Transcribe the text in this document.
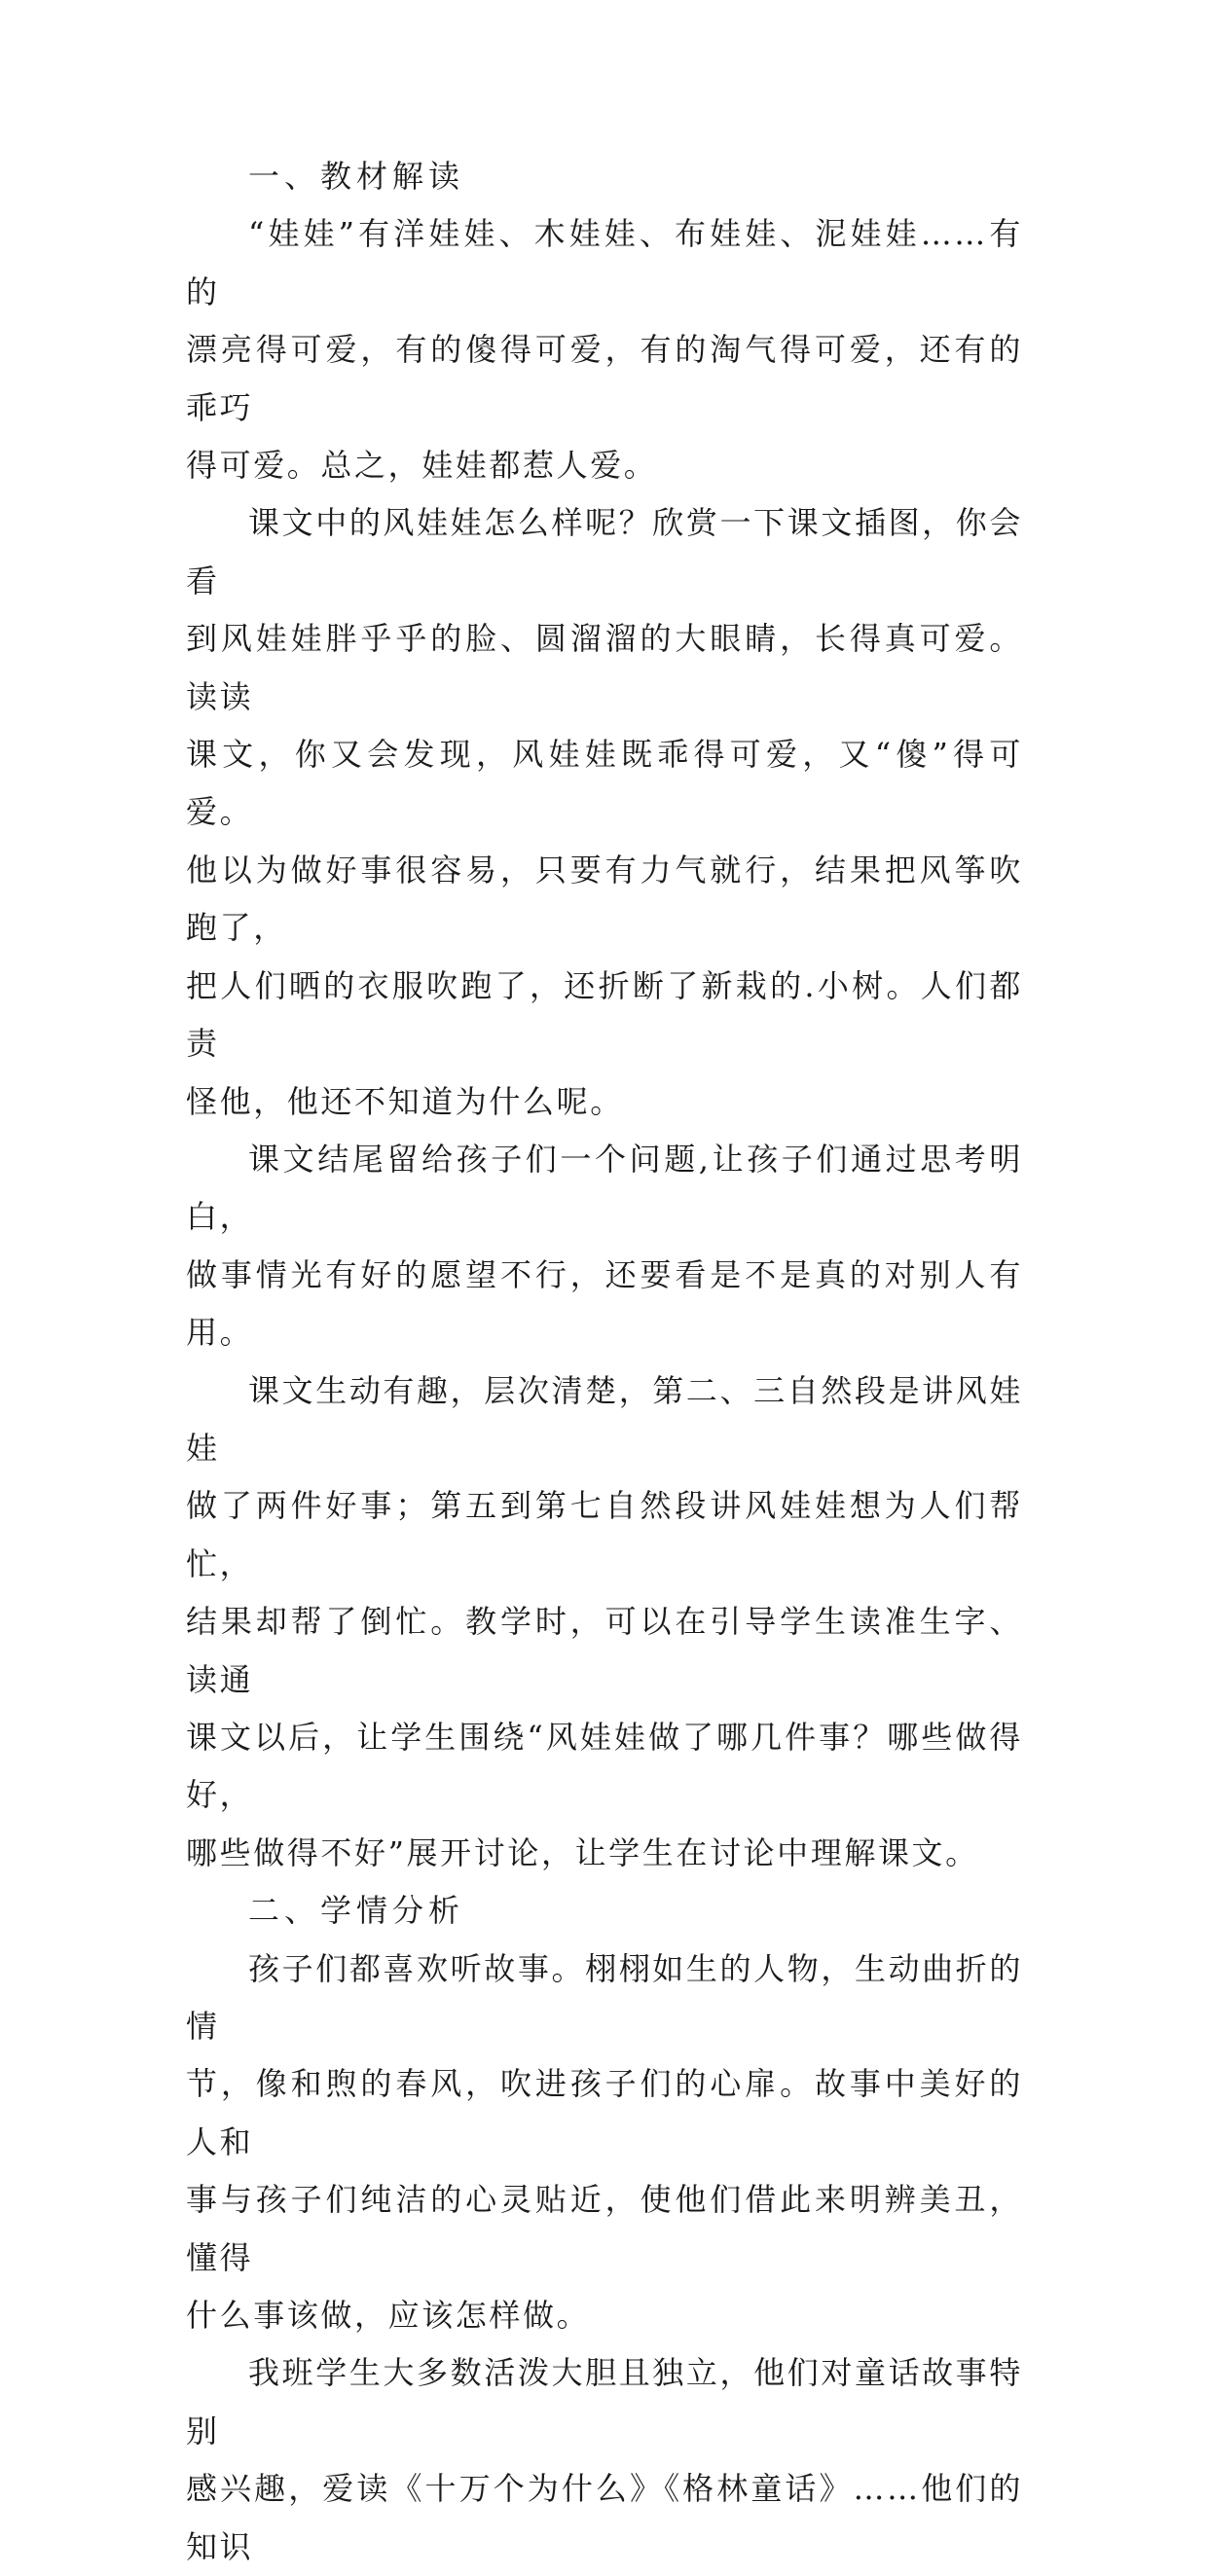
一、教材解读

“娃娃”有洋娃娃、木娃娃、布娃娃、泥娃娃……有的
漂亮得可爱，有的傻得可爱，有的淘气得可爱，还有的乖巧
得可爱。总之，娃娃都惹人爱。

课文中的风娃娃怎么样呢？欣赏一下课文插图，你会看
到风娃娃胖乎乎的脸、圆溜溜的大眼睛，长得真可爱。读读
课文，你又会发现，风娃娃既乖得可爱，又“傻”得可爱。
他以为做好事很容易，只要有力气就行，结果把风筝吹跑了，
把人们晒的衣服吹跑了，还折断了新栽的.小树。人们都责
怪他，他还不知道为什么呢。

课文结尾留给孩子们一个问题,让孩子们通过思考明白，
做事情光有好的愿望不行，还要看是不是真的对别人有用。

课文生动有趣，层次清楚，第二、三自然段是讲风娃娃
做了两件好事；第五到第七自然段讲风娃娃想为人们帮忙，
结果却帮了倒忙。教学时，可以在引导学生读准生字、读通
课文以后，让学生围绕“风娃娃做了哪几件事？哪些做得好，
哪些做得不好”展开讨论，让学生在讨论中理解课文。

二、学情分析

孩子们都喜欢听故事。栩栩如生的人物，生动曲折的情
节，像和煦的春风，吹进孩子们的心扉。故事中美好的人和
事与孩子们纯洁的心灵贴近，使他们借此来明辨美丑，懂得
什么事该做，应该怎样做。

我班学生大多数活泼大胆且独立，他们对童话故事特别
感兴趣，爱读《十万个为什么》《格林童话》……他们的知识
